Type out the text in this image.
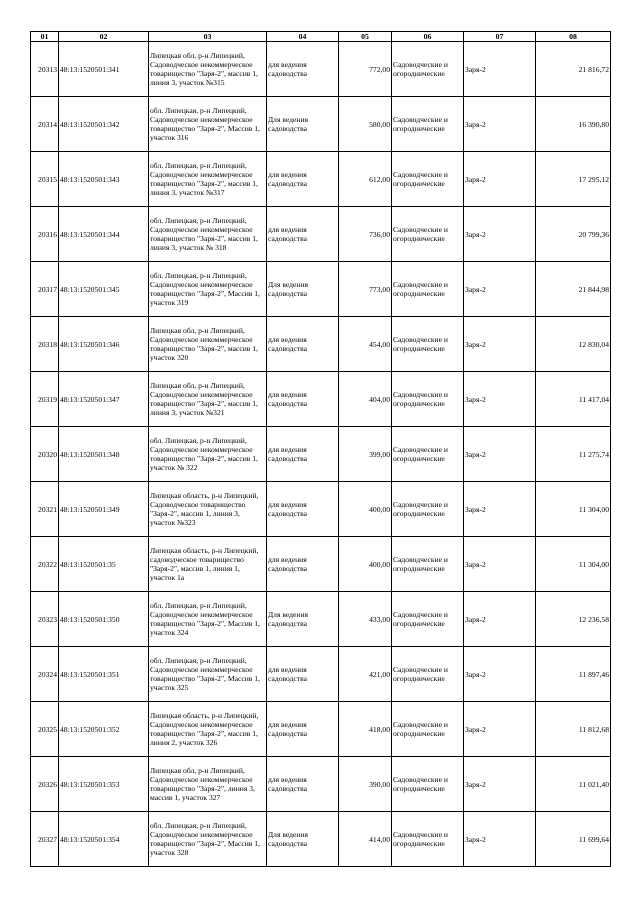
01	02	03	04	05	06	07	08
20313	48:13:1520501:341	Липецкая обл, р-н Липецкий, Садоводческое некоммерческое товарищество "Заря-2", массив 1, линия 3, участок №315	для ведения садоводства	772,00	Садоводческие и огороднические	Заря-2	21 816,72
20314	48:13:1520501:342	обл. Липецкая, р-н Липецкий, Садоводческое некоммерческое товарищество "Заря-2", Массив 1, участок 316	Для ведения садоводства	580,00	Садоводческие и огороднические	Заря-2	16 390,80
20315	48:13:1520501:343	обл. Липецкая, р-н Липецкий, Садоводческое некоммерческое товарищество "Заря-2", массив 1, линия 3, участок №317	для ведения садоводства	612,00	Садоводческие и огороднические	Заря-2	17 295,12
20316	48:13:1520501:344	обл. Липецкая, р-н Липецкий, Садоводческое некоммерческое товарищество "Заря-2", массив 1, линия 3, участок № 318	для ведения садоводства	736,00	Садоводческие и огороднические	Заря-2	20 799,36
20317	48:13:1520501:345	обл. Липецкая, р-н Липецкий, Садоводческое некоммерческое товарищество "Заря-2", Массив 1, участок 319	Для ведения садоводства	773,00	Садоводческие и огороднические	Заря-2	21 844,98
20318	48:13:1520501:346	Липецкая обл, р-н Липецкий, Садоводческое некоммерческое товарищество "Заря-2", массив 1, участок 320	для ведения садоводства	454,00	Садоводческие и огороднические	Заря-2	12 830,04
20319	48:13:1520501:347	Липецкая обл, р-н Липецкий, Садоводческое некоммерческое товарищество "Заря-2", массив 1, линия 3, участок №321	для ведения садоводства	404,00	Садоводческие и огороднические	Заря-2	11 417,04
20320	48:13:1520501:348	обл. Липецкая, р-н Липецкий, Садоводческое некоммерческое товарищество "Заря-2", массив 1, участок № 322	для ведения садоводства	399,00	Садоводческие и огороднические	Заря-2	11 275,74
20321	48:13:1520501:349	Липецкая область, р-н Липецкий, Садоводческое товарищество "Заря-2", массив 1, линия 3, участок №323	для ведения садоводства	400,00	Садоводческие и огороднические	Заря-2	11 304,00
20322	48:13:1520501:35	Липецкая область, р-н Липецкий, садоводческое товарищество "Заря-2", массив 1, линия 1, участок 1а	для ведения садоводства	400,00	Садоводческие и огороднические	Заря-2	11 304,00
20323	48:13:1520501:350	обл. Липецкая, р-н Липецкий, Садоводческое некоммерческое товарищество "Заря-2", Массив 1, участок 324	Для ведения садоводства	433,00	Садоводческие и огороднические	Заря-2	12 236,58
20324	48:13:1520501:351	обл. Липецкая, р-н Липецкий, Садоводческое некоммерческое товарищество "Заря-2", Массив 1, участок 325	для ведения садоводства	421,00	Садоводческие и огороднические	Заря-2	11 897,46
20325	48:13:1520501:352	Липецкая область, р-н Липецкий, Садоводческое некоммерческое товарищество "Заря-2", массив 1, линия 2, участок 326	для ведения садоводства	418,00	Садоводческие и огороднические	Заря-2	11 812,68
20326	48:13:1520501:353	Липецкая обл, р-н Липецкий, Садоводческое некоммерческое товарищество "Заря-2", линия 3, массив 1, участок 327	для ведения садоводства	390,00	Садоводческие и огороднические	Заря-2	11 021,40
20327	48:13:1520501:354	обл. Липецкая, р-н Липецкий, Садоводческое некоммерческое товарищество "Заря-2", Массив 1, участок 328	Для ведения садоводства	414,00	Садоводческие и огороднические	Заря-2	11 699,64
